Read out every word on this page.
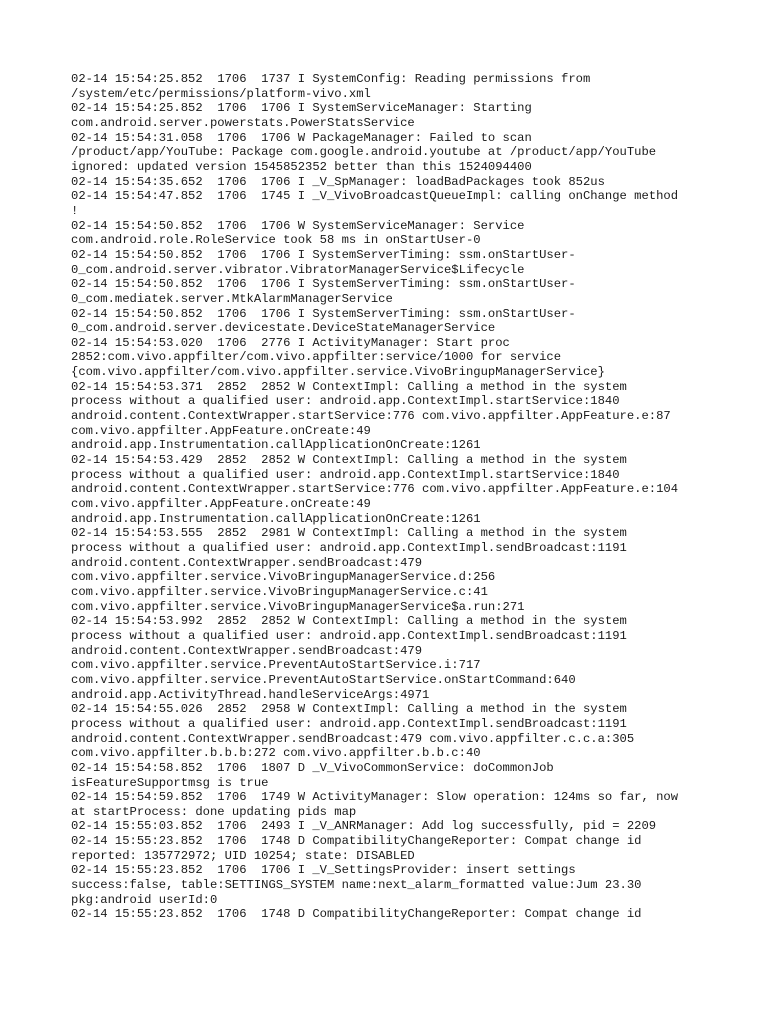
02-14 15:54:25.852  1706  1737 I SystemConfig: Reading permissions from
/system/etc/permissions/platform-vivo.xml
02-14 15:54:25.852  1706  1706 I SystemServiceManager: Starting
com.android.server.powerstats.PowerStatsService
02-14 15:54:31.058  1706  1706 W PackageManager: Failed to scan
/product/app/YouTube: Package com.google.android.youtube at /product/app/YouTube
ignored: updated version 1545852352 better than this 1524094400
02-14 15:54:35.652  1706  1706 I _V_SpManager: loadBadPackages took 852us
02-14 15:54:47.852  1706  1745 I _V_VivoBroadcastQueueImpl: calling onChange method
!
02-14 15:54:50.852  1706  1706 W SystemServiceManager: Service
com.android.role.RoleService took 58 ms in onStartUser-0
02-14 15:54:50.852  1706  1706 I SystemServerTiming: ssm.onStartUser-
0_com.android.server.vibrator.VibratorManagerService$Lifecycle
02-14 15:54:50.852  1706  1706 I SystemServerTiming: ssm.onStartUser-
0_com.mediatek.server.MtkAlarmManagerService
02-14 15:54:50.852  1706  1706 I SystemServerTiming: ssm.onStartUser-
0_com.android.server.devicestate.DeviceStateManagerService
02-14 15:54:53.020  1706  2776 I ActivityManager: Start proc
2852:com.vivo.appfilter/com.vivo.appfilter:service/1000 for service
{com.vivo.appfilter/com.vivo.appfilter.service.VivoBringupManagerService}
02-14 15:54:53.371  2852  2852 W ContextImpl: Calling a method in the system
process without a qualified user: android.app.ContextImpl.startService:1840
android.content.ContextWrapper.startService:776 com.vivo.appfilter.AppFeature.e:87
com.vivo.appfilter.AppFeature.onCreate:49
android.app.Instrumentation.callApplicationOnCreate:1261
02-14 15:54:53.429  2852  2852 W ContextImpl: Calling a method in the system
process without a qualified user: android.app.ContextImpl.startService:1840
android.content.ContextWrapper.startService:776 com.vivo.appfilter.AppFeature.e:104
com.vivo.appfilter.AppFeature.onCreate:49
android.app.Instrumentation.callApplicationOnCreate:1261
02-14 15:54:53.555  2852  2981 W ContextImpl: Calling a method in the system
process without a qualified user: android.app.ContextImpl.sendBroadcast:1191
android.content.ContextWrapper.sendBroadcast:479
com.vivo.appfilter.service.VivoBringupManagerService.d:256
com.vivo.appfilter.service.VivoBringupManagerService.c:41
com.vivo.appfilter.service.VivoBringupManagerService$a.run:271
02-14 15:54:53.992  2852  2852 W ContextImpl: Calling a method in the system
process without a qualified user: android.app.ContextImpl.sendBroadcast:1191
android.content.ContextWrapper.sendBroadcast:479
com.vivo.appfilter.service.PreventAutoStartService.i:717
com.vivo.appfilter.service.PreventAutoStartService.onStartCommand:640
android.app.ActivityThread.handleServiceArgs:4971
02-14 15:54:55.026  2852  2958 W ContextImpl: Calling a method in the system
process without a qualified user: android.app.ContextImpl.sendBroadcast:1191
android.content.ContextWrapper.sendBroadcast:479 com.vivo.appfilter.c.c.a:305
com.vivo.appfilter.b.b.b:272 com.vivo.appfilter.b.b.c:40
02-14 15:54:58.852  1706  1807 D _V_VivoCommonService: doCommonJob
isFeatureSupportmsg is true
02-14 15:54:59.852  1706  1749 W ActivityManager: Slow operation: 124ms so far, now
at startProcess: done updating pids map
02-14 15:55:03.852  1706  2493 I _V_ANRManager: Add log successfully, pid = 2209
02-14 15:55:23.852  1706  1748 D CompatibilityChangeReporter: Compat change id
reported: 135772972; UID 10254; state: DISABLED
02-14 15:55:23.852  1706  1706 I _V_SettingsProvider: insert settings
success:false, table:SETTINGS_SYSTEM name:next_alarm_formatted value:Jum 23.30
pkg:android userId:0
02-14 15:55:23.852  1706  1748 D CompatibilityChangeReporter: Compat change id
